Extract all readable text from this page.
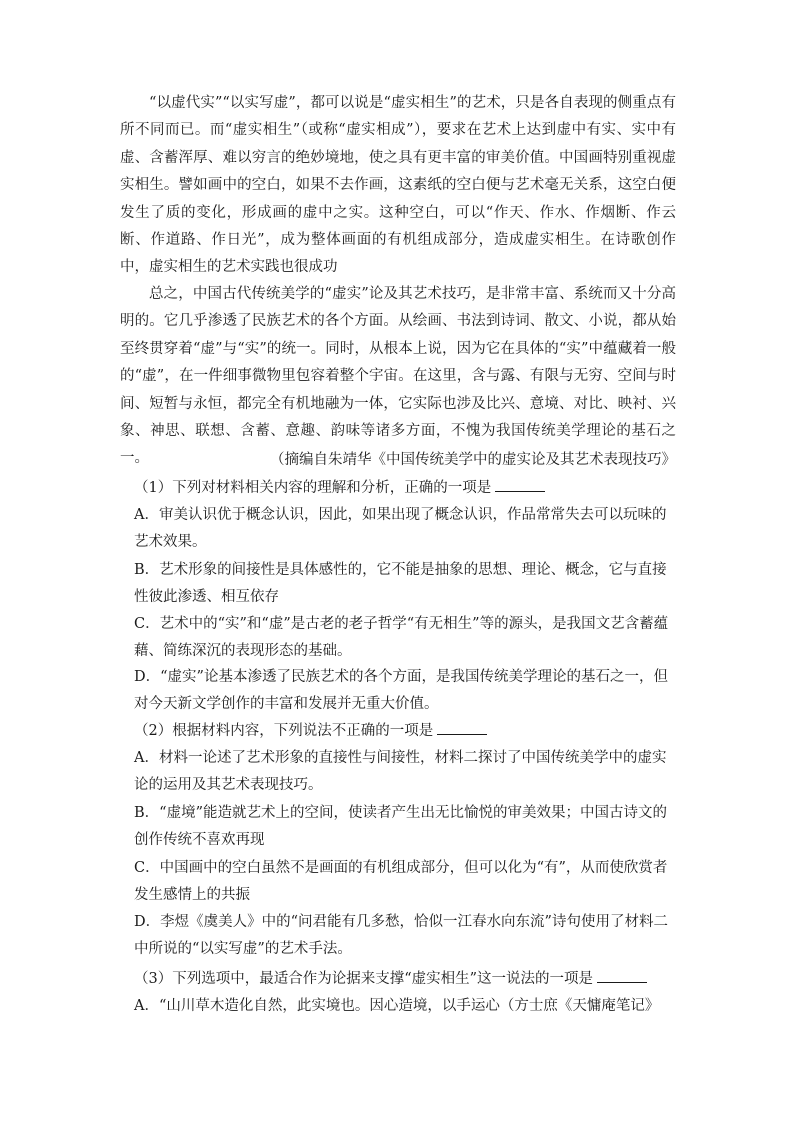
“以虚代实”“以实写虚”，都可以说是“虚实相生”的艺术，只是各自表现的侧重点有所不同而已。而“虚实相生”（或称“虚实相成”），要求在艺术上达到虚中有实、实中有虚、含蓄浑厚、难以穷言的绝妙境地，使之具有更丰富的审美价值。中国画特别重视虚实相生。譬如画中的空白，如果不去作画，这素纸的空白便与艺术毫无关系，这空白便发生了质的变化，形成画的虚中之实。这种空白，可以“作天、作水、作烟断、作云断、作道路、作日光”，成为整体画面的有机组成部分，造成虚实相生。在诗歌创作中，虚实相生的艺术实践也很成功

总之，中国古代传统美学的“虚实”论及其艺术技巧，是非常丰富、系统而又十分高明的。它几乎渗透了民族艺术的各个方面。从绘画、书法到诗词、散文、小说，都从始至终贯穿着“虚”与“实”的统一。同时，从根本上说，因为它在具体的“实”中蕴藏着一般的“虚”，在一件细事微物里包容着整个宇宙。在这里，含与露、有限与无穷、空间与时间、短暂与永恒，都完全有机地融为一体，它实际也涉及比兴、意境、对比、映衬、兴象、神思、联想、含蓄、意趣、韵味等诸多方面，不愧为我国传统美学理论的基石之一。	（摘编自朱靖华《中国传统美学中的虚实论及其艺术表现技巧》

（1）下列对材料相关内容的理解和分析，正确的一项是

A．审美认识优于概念认识，因此，如果出现了概念认识，作品常常失去可以玩味的艺术效果。

B．艺术形象的间接性是具体感性的，它不能是抽象的思想、理论、概念，它与直接性彼此渗透、相互依存

C．艺术中的“实”和“虚”是古老的老子哲学“有无相生”等的源头，是我国文艺含蓄蕴藉、简练深沉的表现形态的基础。

D．“虚实”论基本渗透了民族艺术的各个方面，是我国传统美学理论的基石之一，但对今天新文学创作的丰富和发展并无重大价值。

（2）根据材料内容，下列说法不正确的一项是

A．材料一论述了艺术形象的直接性与间接性，材料二探讨了中国传统美学中的虚实论的运用及其艺术表现技巧。

B．“虚境”能造就艺术上的空间，使读者产生出无比愉悦的审美效果；中国古诗文的创作传统不喜欢再现

C．中国画中的空白虽然不是画面的有机组成部分，但可以化为“有”，从而使欣赏者发生感情上的共振

D．李煜《虞美人》中的“问君能有几多愁，恰似一江春水向东流”诗句使用了材料二中所说的“以实写虚”的艺术手法。

（3）下列选项中，最适合作为论据来支撑“虚实相生”这一说法的一项是

A．“山川草木造化自然，此实境也。因心造境，以手运心（方士庶《天慵庵笔记》
